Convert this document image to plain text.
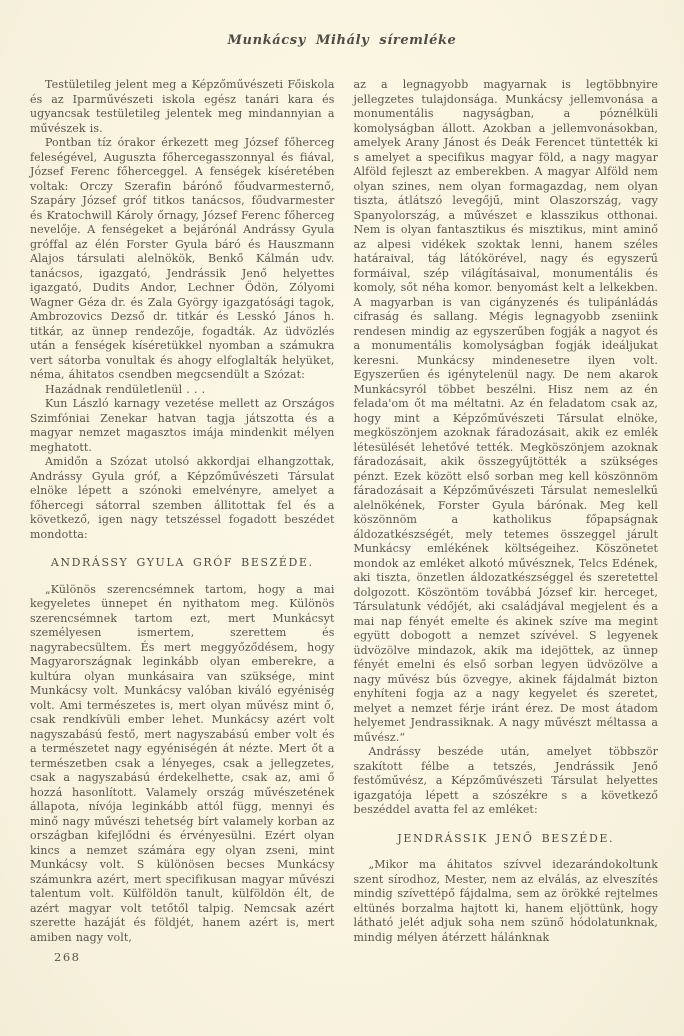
Munkácsy Mihály síremléke

Testületileg jelent meg a Képzőművészeti Főiskola és az Iparművészeti iskola egész tanári kara és ugyancsak testületileg jelentek meg mindannyian a művészek is.

Pontban tíz órakor érkezett meg József főherceg feleségével, Auguszta főhercegasszonnyal és fiával, József Ferenc főherceggel. A fenségek kíséretében voltak: Orczy Szerafin bárónő főudvarmesternő, Szapáry József gróf titkos tanácsos, főudvarmester és Kratochwill Károly őrnagy, József Ferenc főherceg nevelője. A fenségeket a bejárónál Andrássy Gyula gróffal az élén Forster Gyula báró és Hauszmann Alajos társulati alelnökök, Benkő Kálmán udv. tanácsos, igazgató, Jendrássik Jenő helyettes igazgató, Dudits Andor, Lechner Ödön, Zólyomi Wagner Géza dr. és Zala György igazgatósági tagok, Ambrozovics Dezső dr. titkár és Lesskó János h. titkár, az ünnep rendezője, fogadták. Az üdvözlés után a fenségek kíséretükkel nyomban a számukra vert sátorba vonultak és ahogy elfoglalták helyüket, néma, áhitatos csendben megcsendült a Szózat:

Hazádnak rendületlenül . . .

Kun László karnagy vezetése mellett az Országos Szimfóniai Zenekar hatvan tagja játszotta és a magyar nemzet magasztos imája mindenkit mélyen meghatott.

Amidőn a Szózat utolsó akkordjai elhangzottak, Andrássy Gyula gróf, a Képzőművészeti Társulat elnöke lépett a szónoki emelvényre, amelyet a főhercegi sátorral szemben állitottak fel és a következő, igen nagy tetszéssel fogadott beszédet mondotta:

ANDRÁSSY GYULA GRÓF BESZÉDE.

„Különös szerencsémnek tartom, hogy a mai kegyeletes ünnepet én nyithatom meg. Különös szerencsémnek tartom ezt, mert Munkácsyt személyesen ismertem, szerettem és nagyrabecsültem. És mert meggyőződésem, hogy Magyarországnak leginkább olyan emberekre, a kultúra olyan munkásaira van szüksége, mint Munkácsy volt. Munkácsy valóban kiváló egyéniség volt. Ami természetes is, mert olyan művész mint ő, csak rendkívüli ember lehet. Munkácsy azért volt nagyszabású festő, mert nagyszabású ember volt és a természetet nagy egyéniségén át nézte. Mert őt a természetben csak a lényeges, csak a jellegzetes, csak a nagyszabású érdekelhette, csak az, ami ő hozzá hasonlított. Valamely ország művészetének állapota, nívója leginkább attól függ, mennyi és minő nagy művészi tehetség bírt valamely korban az országban kifejlődni és érvényesülni. Ezért olyan kincs a nemzet számára egy olyan zseni, mint Munkácsy volt. S különösen becses Munkácsy számunkra azért, mert specifikusan magyar művészi talentum volt. Külföldön tanult, külföldön élt, de azért magyar volt tetőtől talpig. Nemcsak azért szerette hazáját és földjét, hanem azért is, mert amiben nagy volt,

az a legnagyobb magyarnak is legtöbbnyire jellegzetes tulajdonsága. Munkácsy jellemvonása a monumentális nagyságban, a póznélküli komolyságban állott. Azokban a jellemvonásokban, amelyek Arany Jánost és Deák Ferencet tüntették ki s amelyet a specifikus magyar föld, a nagy magyar Alföld fejleszt az emberekben. A magyar Alföld nem olyan szines, nem olyan formagazdag, nem olyan tiszta, átlátszó levegőjű, mint Olaszország, vagy Spanyolország, a művészet e klasszikus otthonai. Nem is olyan fantasztikus és misztikus, mint aminő az alpesi vidékek szoktak lenni, hanem széles határaival, tág látókörével, nagy és egyszerű formáival, szép világításaival, monumentális és komoly, sőt néha komor. benyomást kelt a lelkekben. A magyarban is van cigányzenés és tulipánládás cifraság és sallang. Mégis legnagyobb zseniink rendesen mindig az egyszerűben fogják a nagyot és a monumentális komolyságban fogják ideáljukat keresni. Munkácsy mindenesetre ilyen volt. Egyszerűen és igénytelenül nagy. De nem akarok Munkácsyról többet beszélni. Hisz nem az én felada'om őt ma méltatni. Az én feladatom csak az, hogy mint a Képzőművészeti Társulat elnöke, megköszönjem azoknak fáradozásait, akik ez emlék létesülését lehetővé tették. Megköszönjem azoknak fáradozásait, akik összegyűjtötték a szükséges pénzt. Ezek között első sorban meg kell köszönnöm fáradozásait a Képzőművészeti Társulat nemeslelkű alelnökének, Forster Gyula bárónak. Meg kell köszönnöm a katholikus főpapságnak áldozatkészségét, mely tetemes összeggel járult Munkácsy emlékének költségeihez. Köszönetet mondok az emléket alkotó művésznek, Telcs Edének, aki tiszta, önzetlen áldozatkészséggel és szeretettel dolgozott. Köszöntöm továbbá József kir. herceget, Társulatunk védőjét, aki családjával megjelent és a mai nap fényét emelte és akinek szíve ma megint együtt dobogott a nemzet szívével. S legyenek üdvözölve mindazok, akik ma idejöttek, az ünnep fényét emelni és első sorban legyen üdvözölve a nagy művész bús özvegye, akinek fájdalmát bizton enyhíteni fogja az a nagy kegyelet és szeretet, melyet a nemzet férje iránt érez. De most átadom helyemet Jendrassiknak. A nagy művészt méltassa a művész.“

Andrássy beszéde után, amelyet többször szakított félbe a tetszés, Jendrássik Jenő festőművész, a Képzőművészeti Társulat helyettes igazgatója lépett a szószékre s a következő beszéddel avatta fel az emléket:

JENDRÁSSIK JENŐ BESZÉDE.

„Mikor ma áhitatos szívvel idezarándokoltunk szent sírodhoz, Mester, nem az elválás, az elveszítés mindig szívettépő fájdalma, sem az örökké rejtelmes eltünés borzalma hajtott ki, hanem eljöttünk, hogy látható jelét adjuk soha nem szünő hódolatunknak, mindig mélyen átérzett hálánknak

268
